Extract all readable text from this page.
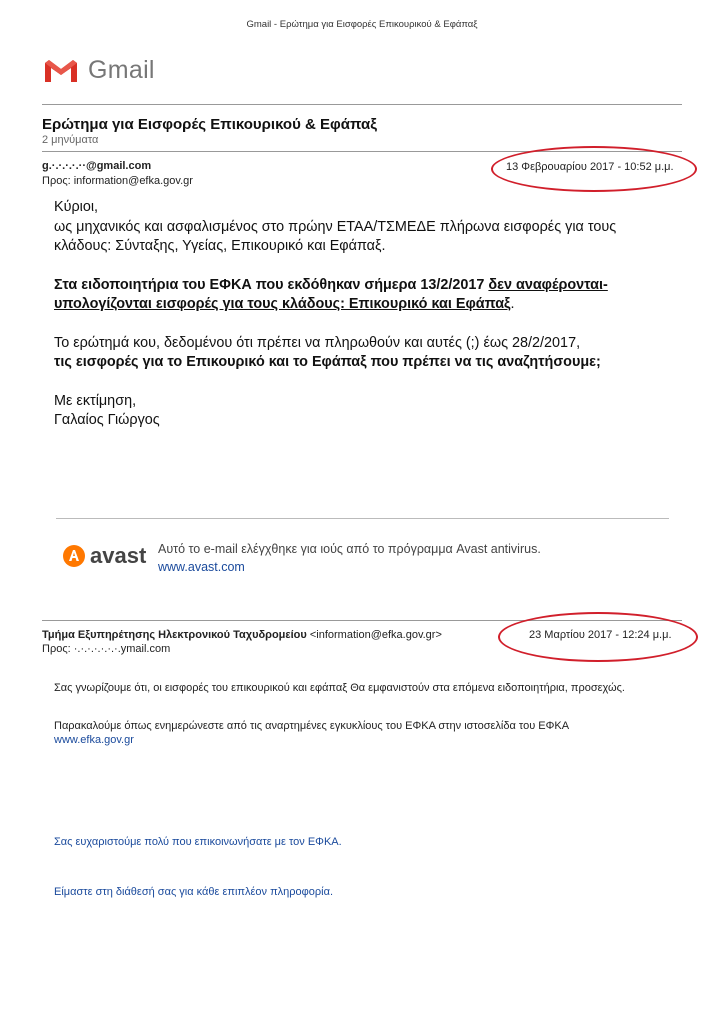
Gmail - Ερώτημα για Εισφορές Επικουρικού & Εφάπαξ
Gmail
Ερώτημα για Εισφορές Επικουρικού & Εφάπαξ
2 μηνύματα
g.·.·.·.·.··@gmail.com
Προς: information@efka.gov.gr
13 Φεβρουαρίου 2017 - 10:52 μ.μ.

Κύριοι,
ως μηχανικός και ασφαλισμένος στο πρώην ΕΤΑΑ/ΤΣΜΕΔΕ πλήρωνα εισφορές για τους κλάδους: Σύνταξης, Υγείας, Επικουρικό και Εφάπαξ.

Στα ειδοποιητήρια του ΕΦΚΑ που εκδόθηκαν σήμερα 13/2/2017 δεν αναφέρονται-υπολογίζονται εισφορές για τους κλάδους: Επικουρικό και Εφάπαξ.

Το ερώτημά κου, δεδομένου ότι πρέπει να πληρωθούν και αυτές (;) έως 28/2/2017,
τις εισφορές για το Επικουρικό και το Εφάπαξ που πρέπει να τις αναζητήσουμε;

Με εκτίμηση,
Γαλαίος Γιώργος

avast Αυτό το e-mail ελέγχθηκε για ιούς από το πρόγραμμα Avast antivirus.
www.avast.com
Τμήμα Εξυπηρέτησης Ηλεκτρονικού Ταχυδρομείου <information@efka.gov.gr>
Προς: ·.·.·.·.·.·.·.ymail.com
23 Μαρτίου 2017 - 12:24 μ.μ.
Σας γνωρίζουμε ότι, οι εισφορές του επικουρικού και εφάπαξ Θα εμφανιστούν στα επόμενα ειδοποιητήρια, προσεχώς.
Παρακαλούμε όπως ενημερώνεστε από τις αναρτημένες εγκυκλίους του ΕΦΚΑ στην ιστοσελίδα του ΕΦΚΑ
www.efka.gov.gr
Σας ευχαριστούμε πολύ που επικοινωνήσατε με τον ΕΦΚΑ.
Είμαστε στη διάθεσή σας για κάθε επιπλέον πληροφορία.
